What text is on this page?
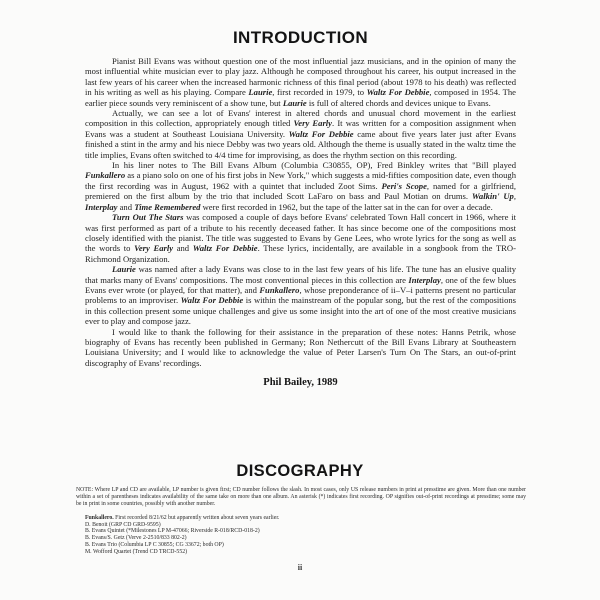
INTRODUCTION

Pianist Bill Evans was without question one of the most influential jazz musicians, and in the opinion of many the most influential white musician ever to play jazz. Although he composed throughout his career, his output increased in the last few years of his career when the increased harmonic richness of this final period (about 1978 to his death) was reflected in his writing as well as his playing. Compare Laurie, first recorded in 1979, to Waltz For Debbie, composed in 1954. The earlier piece sounds very reminiscent of a show tune, but Laurie is full of altered chords and devices unique to Evans.

Actually, we can see a lot of Evans' interest in altered chords and unusual chord movement in the earliest composition in this collection, appropriately enough titled Very Early. It was written for a composition assignment when Evans was a student at Southeast Louisiana University. Waltz For Debbie came about five years later just after Evans finished a stint in the army and his niece Debby was two years old. Although the theme is usually stated in the waltz time the title implies, Evans often switched to 4/4 time for improvising, as does the rhythm section on this recording.

In his liner notes to The Bill Evans Album (Columbia C30855, OP), Fred Binkley writes that "Bill played Funkallero as a piano solo on one of his first jobs in New York," which suggests a mid-fifties composition date, even though the first recording was in August, 1962 with a quintet that included Zoot Sims. Peri's Scope, named for a girlfriend, premiered on the first album by the trio that included Scott LaFaro on bass and Paul Motian on drums. Walkin' Up, Interplay and Time Remembered were first recorded in 1962, but the tape of the latter sat in the can for over a decade.

Turn Out The Stars was composed a couple of days before Evans' celebrated Town Hall concert in 1966, where it was first performed as part of a tribute to his recently deceased father. It has since become one of the compositions most closely identified with the pianist. The title was suggested to Evans by Gene Lees, who wrote lyrics for the song as well as the words to Very Early and Waltz For Debbie. These lyrics, incidentally, are available in a songbook from the TRO-Richmond Organization.

Laurie was named after a lady Evans was close to in the last few years of his life. The tune has an elusive quality that marks many of Evans' compositions. The most conventional pieces in this collection are Interplay, one of the few blues Evans ever wrote (or played, for that matter), and Funkallero, whose preponderance of ii–V–i patterns present no particular problems to an improviser. Waltz For Debbie is within the mainstream of the popular song, but the rest of the compositions in this collection present some unique challenges and give us some insight into the art of one of the most creative musicians ever to play and compose jazz.

I would like to thank the following for their assistance in the preparation of these notes: Hanns Petrik, whose biography of Evans has recently been published in Germany; Ron Nethercutt of the Bill Evans Library at Southeastern Louisiana University; and I would like to acknowledge the value of Peter Larsen's Turn On The Stars, an out-of-print discography of Evans' recordings.

Phil Bailey, 1989
DISCOGRAPHY

NOTE: Where LP and CD are available, LP number is given first; CD number follows the slash. In most cases, only US release numbers in print at presstime are given. More than one number within a set of parentheses indicates availability of the same take on more than one album. An asterisk (*) indicates first recording. OP signifies out-of-print recordings at presstime; some may be in print in some countries, possibly with another number.

Funkallero. First recorded 8/21/62 but apparently written about seven years earlier.

D. Benoit (GRP CD GRD-9595)

B. Evans Quintet (*Milestones LP M-47066; Riverside R-018/RCD-018-2)

B. Evans/S. Getz (Verve 2-2510/833 802-2)

B. Evans Trio (Columbia LP C 30855; CG 33672; both OP)

M. Wofford Quartet (Trend CD TRCD-552)

ii
